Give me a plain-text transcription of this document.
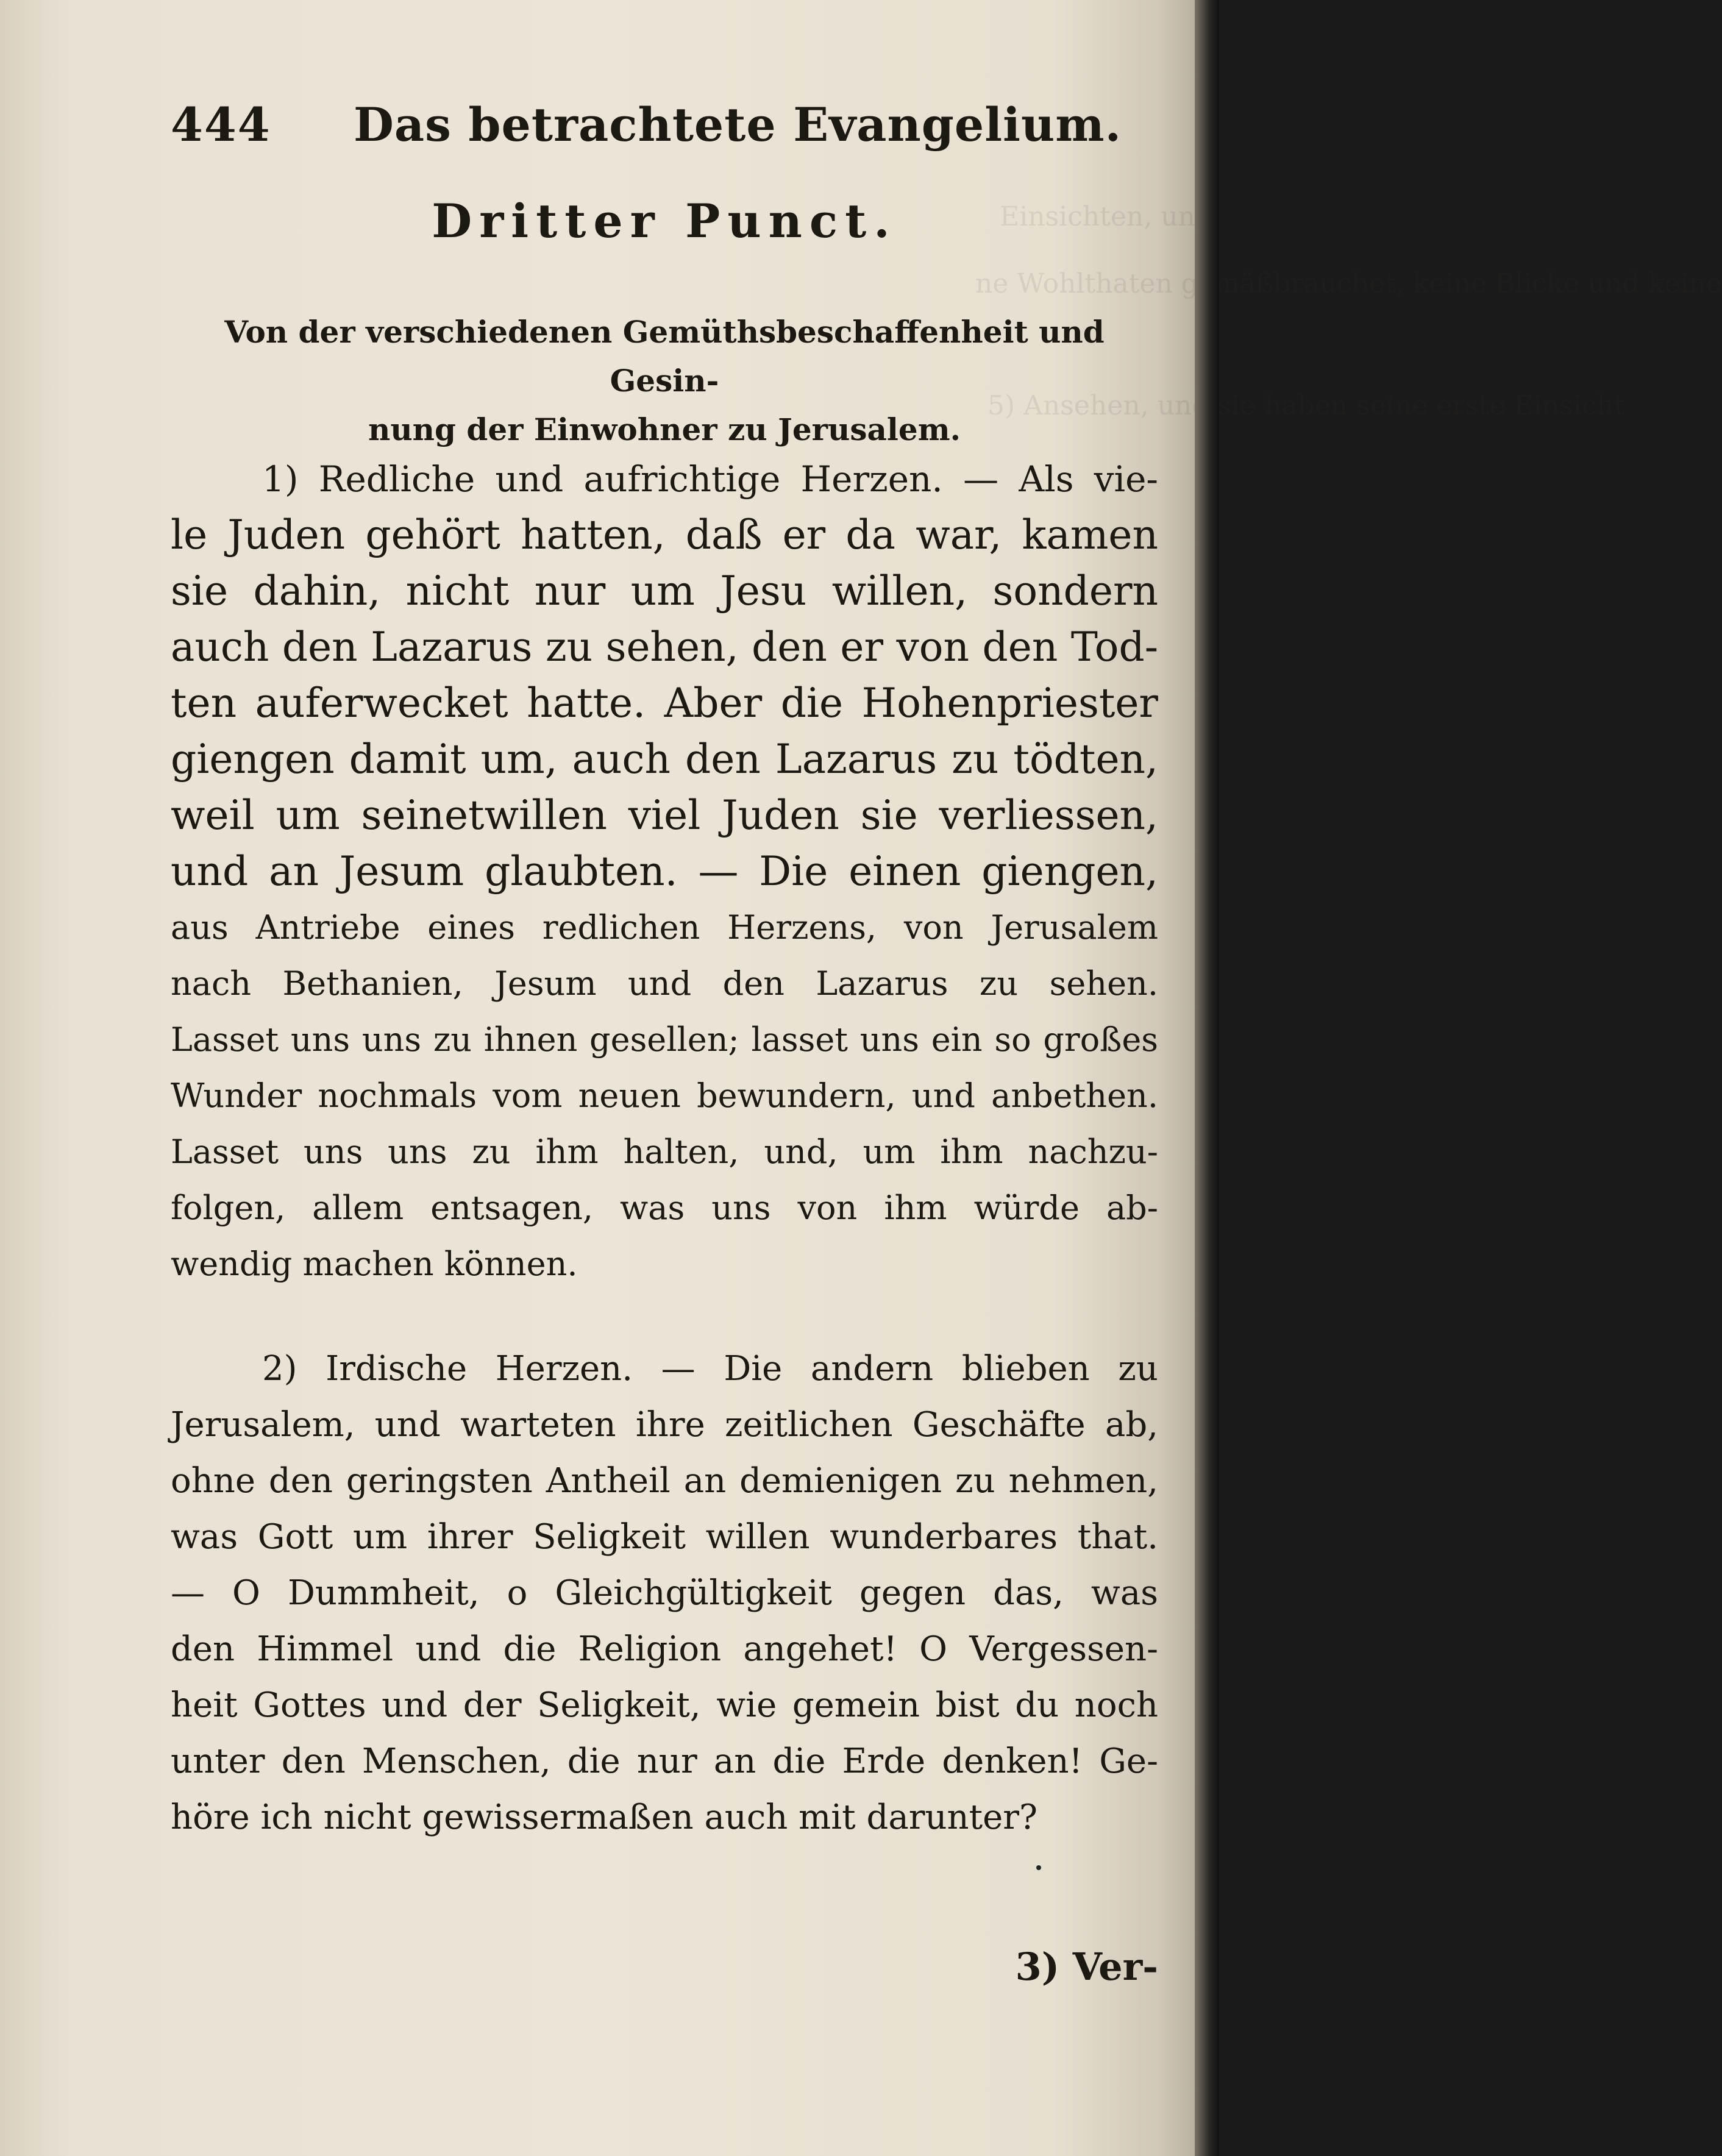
Einsichten, un
ne Wohlthaten gemäßbrauchet, keine Blicke und keine
5) Ansehen, und sie haben seine erste Einsicht
444 Das betrachtete Evangelium.
Dritter Punct.
Von der verschiedenen Gemüthsbeschaffenheit und Gesin-
nung der Einwohner zu Jerusalem.
1) Redliche und aufrichtige Herzen. — Als vie-
le Juden gehört hatten, daß er da war, kamen
sie dahin, nicht nur um Jesu willen, sondern
auch den Lazarus zu sehen, den er von den Tod-
ten auferwecket hatte. Aber die Hohenpriester
giengen damit um, auch den Lazarus zu tödten,
weil um seinetwillen viel Juden sie verliessen,
und an Jesum glaubten. — Die einen giengen,
aus Antriebe eines redlichen Herzens, von Jerusalem
nach Bethanien, Jesum und den Lazarus zu sehen.
Lasset uns uns zu ihnen gesellen; lasset uns ein so großes
Wunder nochmals vom neuen bewundern, und anbethen.
Lasset uns uns zu ihm halten, und, um ihm nachzu-
folgen, allem entsagen, was uns von ihm würde ab-
wendig machen können.
2) Irdische Herzen. — Die andern blieben zu
Jerusalem, und warteten ihre zeitlichen Geschäfte ab,
ohne den geringsten Antheil an demienigen zu nehmen,
was Gott um ihrer Seligkeit willen wunderbares that.
— O Dummheit, o Gleichgültigkeit gegen das, was
den Himmel und die Religion angehet! O Vergessen-
heit Gottes und der Seligkeit, wie gemein bist du noch
unter den Menschen, die nur an die Erde denken! Ge-
höre ich nicht gewissermaßen auch mit darunter?
3) Ver-
